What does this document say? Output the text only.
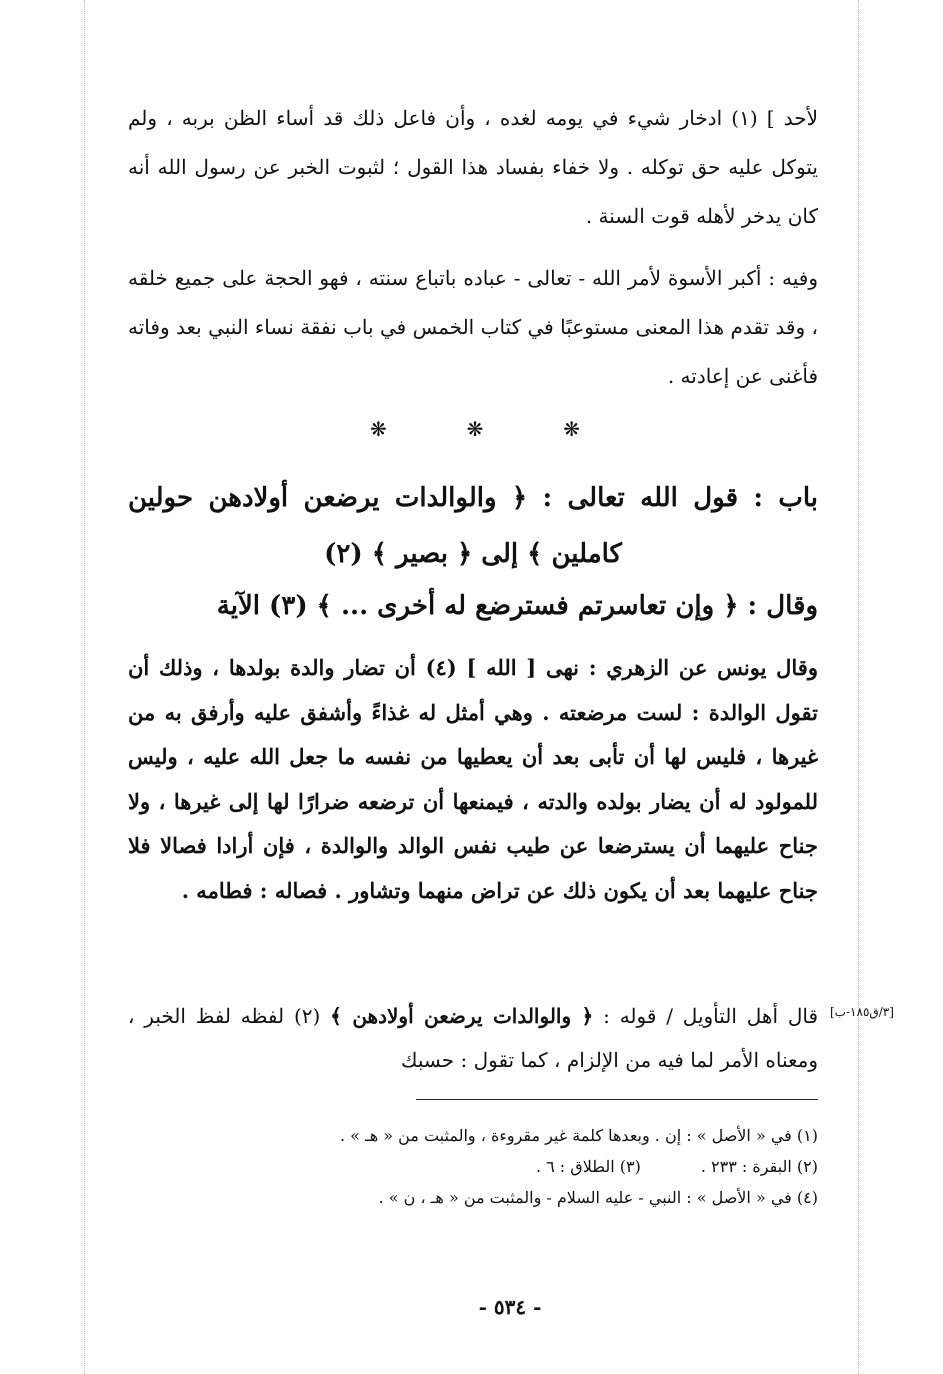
لأحد ] (١) ادخار شيء في يومه لغده ، وأن فاعل ذلك قد أساء الظن بربه ، ولم يتوكل عليه حق توكله . ولا خفاء بفساد هذا القول ؛ لثبوت الخبر عن رسول الله أنه كان يدخر لأهله قوت السنة .

وفيه : أكبر الأسوة لأمر الله - تعالى - عباده باتباع سنته ، فهو الحجة على جميع خلقه ، وقد تقدم هذا المعنى مستوعبًا في كتاب الخمس في باب نفقة نساء النبي بعد وفاته فأغنى عن إعادته .

❋	❋	❋
باب : قول الله تعالى : ﴿ والوالدات يرضعن أولادهن حولين كاملين ﴾ إلى ﴿ بصير ﴾ (٢)
وقال : ﴿ وإن تعاسرتم فسترضع له أخرى ... ﴾ (٣) الآية

وقال يونس عن الزهري : نهى [ الله ] (٤) أن تضار والدة بولدها ، وذلك أن تقول الوالدة : لست مرضعته . وهي أمثل له غذاءً وأشفق عليه وأرفق به من غيرها ، فليس لها أن تأبى بعد أن يعطيها من نفسه ما جعل الله عليه ، وليس للمولود له أن يضار بولده والدته ، فيمنعها أن ترضعه ضرارًا لها إلى غيرها ، ولا جناح عليهما أن يسترضعا عن طيب نفس الوالد والوالدة ، فإن أرادا فصالا فلا جناح عليهما بعد أن يكون ذلك عن تراض منهما وتشاور . فصاله : فطامه .

[٣/ق١٨٥-ب]

قال أهل التأويل / قوله : ﴿ والوالدات يرضعن أولادهن ﴾ (٢) لفظه لفظ الخبر ، ومعناه الأمر لما فيه من الإلزام ، كما تقول : حسبك

(١) في « الأصل » : إن . وبعدها كلمة غير مقروءة ، والمثبت من « هـ » .
(٢) البقرة : ٢٣٣ .(٣) الطلاق : ٦ .
(٤) في « الأصل » : النبي - عليه السلام - والمثبت من « هـ ، ن » .
- ٥٣٤ -
